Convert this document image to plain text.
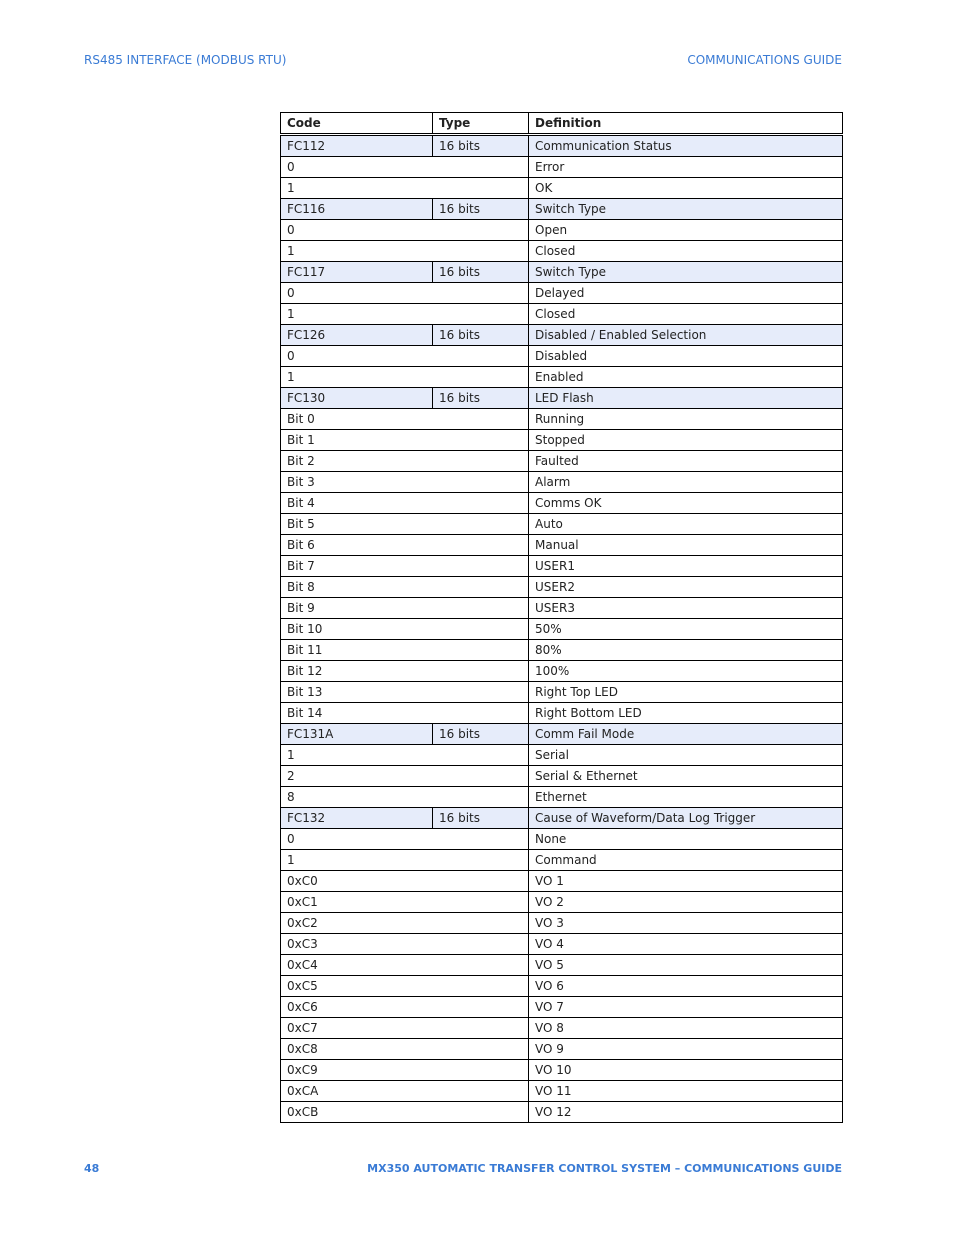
RS485 INTERFACE (MODBUS RTU)	COMMUNICATIONS GUIDE
Code	Type	Definition
FC112	16 bits	Communication Status
0		Error
1		OK
FC116	16 bits	Switch Type
0		Open
1		Closed
FC117	16 bits	Switch Type
0		Delayed
1		Closed
FC126	16 bits	Disabled / Enabled Selection
0		Disabled
1		Enabled
FC130	16 bits	LED Flash
Bit 0		Running
Bit 1		Stopped
Bit 2		Faulted
Bit 3		Alarm
Bit 4		Comms OK
Bit 5		Auto
Bit 6		Manual
Bit 7		USER1
Bit 8		USER2
Bit 9		USER3
Bit 10		50%
Bit 11		80%
Bit 12		100%
Bit 13		Right Top LED
Bit 14		Right Bottom LED
FC131A	16 bits	Comm Fail Mode
1		Serial
2		Serial & Ethernet
8		Ethernet
FC132	16 bits	Cause of Waveform/Data Log Trigger
0		None
1		Command
0xC0		VO 1
0xC1		VO 2
0xC2		VO 3
0xC3		VO 4
0xC4		VO 5
0xC5		VO 6
0xC6		VO 7
0xC7		VO 8
0xC8		VO 9
0xC9		VO 10
0xCA		VO 11
0xCB		VO 12
48	MX350 AUTOMATIC TRANSFER CONTROL SYSTEM – COMMUNICATIONS GUIDE
